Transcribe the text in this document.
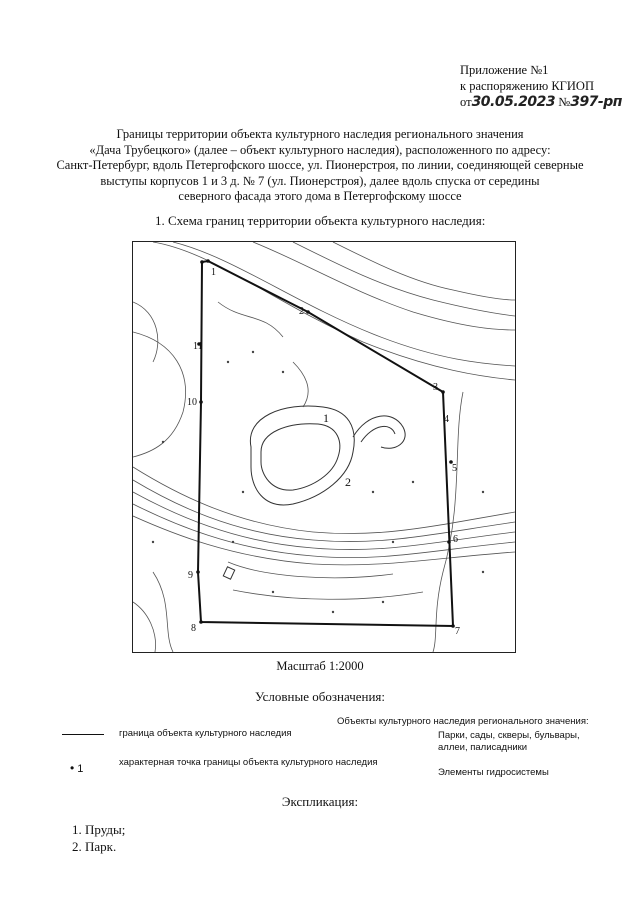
Приложение №1
к распоряжению КГИОП
от30.05.2023 №397-рп
Границы территории объекта культурного наследия регионального значения
«Дача Трубецкого» (далее – объект культурного наследия), расположенного по адресу:
Санкт-Петербург, вдоль Петергофского шоссе, ул. Пионерстроя, по линии, соединяющей северные
выступы корпусов 1 и 3 д. № 7 (ул. Пионерстроя), далее вдоль спуска от середины
северного фасада этого дома в Петергофскому шоссе
1. Схема границ территории объекта культурного наследия:
1
2
3
4
5
6
7
8
9
10
11
1
2
Масштаб 1:2000
Условные обозначения:
граница объекта культурного наследия
• 1
характерная точка границы объекта культурного наследия
Объекты культурного наследия регионального значения:
Парки, сады, скверы, бульвары, аллеи, палисадники
Элементы гидросистемы
Экспликация:
1. Пруды;
2. Парк.
